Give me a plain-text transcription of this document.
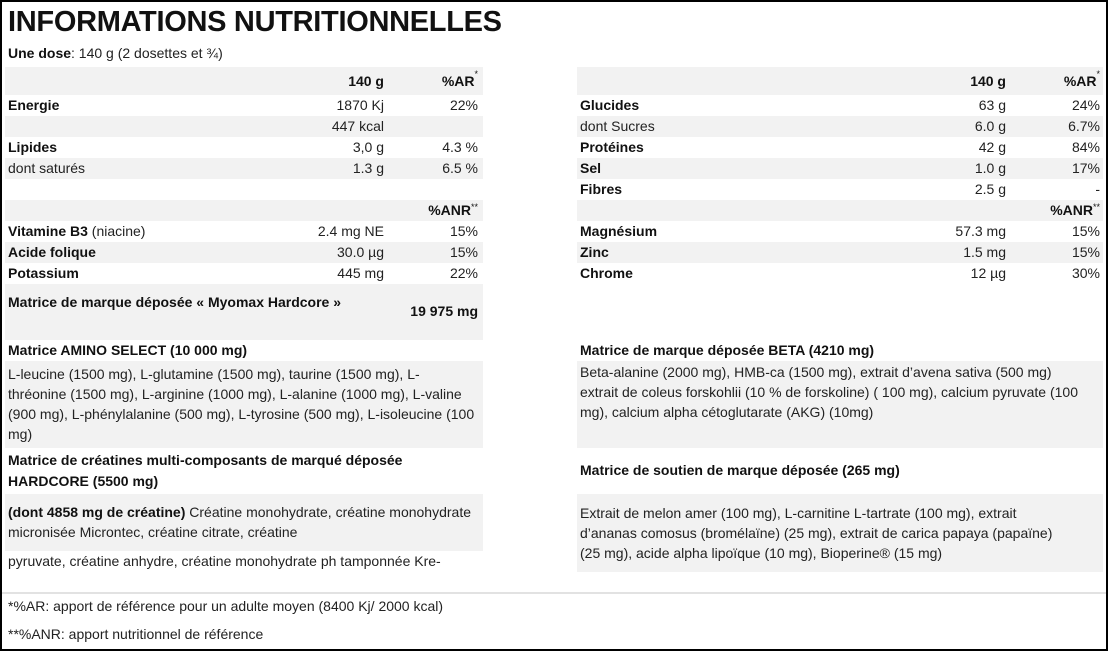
INFORMATIONS NUTRITIONNELLES
Une dose: 140 g (2 dosettes et ¾)
140 g	%AR*
Energie	1870 Kj	22%
447 kcal
Lipides	3,0 g	4.3 %
dont saturés	1.3 g	6.5 %
%ANR**
Vitamine B3 (niacine)	2.4 mg NE	15%
Acide folique	30.0 µg	15%
Potassium	445 mg	22%
Matrice de marque déposée « Myomax Hardcore »
19 975 mg
Matrice AMINO SELECT (10 000 mg)
L-leucine (1500 mg), L-glutamine (1500 mg), taurine (1500 mg), L-thréonine (1500 mg), L-arginine (1000 mg), L-alanine (1000 mg), L-valine (900 mg), L-phénylalanine (500 mg), L-tyrosine (500 mg), L-isoleucine (100 mg)
Matrice de créatines multi-composants de marqué déposée HARDCORE (5500 mg)
(dont 4858 mg de créatine) Créatine monohydrate, créatine monohydrate micronisée Microntec, créatine citrate, créatine
pyruvate, créatine anhydre, créatine monohydrate ph tamponnée Kre-
140 g	%AR*
Glucides	63 g	24%
dont Sucres	6.0 g	6.7%
Protéines	42 g	84%
Sel	1.0 g	17%
Fibres	2.5 g	-
%ANR**
Magnésium	57.3 mg	15%
Zinc	1.5 mg	15%
Chrome	12 µg	30%
Matrice de marque déposée BETA (4210 mg)
Beta-alanine (2000 mg), HMB-ca (1500 mg), extrait d’avena sativa (500 mg) extrait de coleus forskohlii (10 % de forskoline) ( 100 mg), calcium pyruvate (100 mg), calcium alpha cétoglutarate (AKG) (10mg)
Matrice de soutien de marque déposée (265 mg)
Extrait de melon amer (100 mg), L-carnitine L-tartrate (100 mg), extrait d’ananas comosus (bromélaïne) (25 mg), extrait de carica papaya (papaïne) (25 mg), acide alpha lipoïque (10 mg), Bioperine® (15 mg)
*%AR: apport de référence pour un adulte moyen (8400 Kj/ 2000 kcal)
**%ANR: apport nutritionnel de référence
